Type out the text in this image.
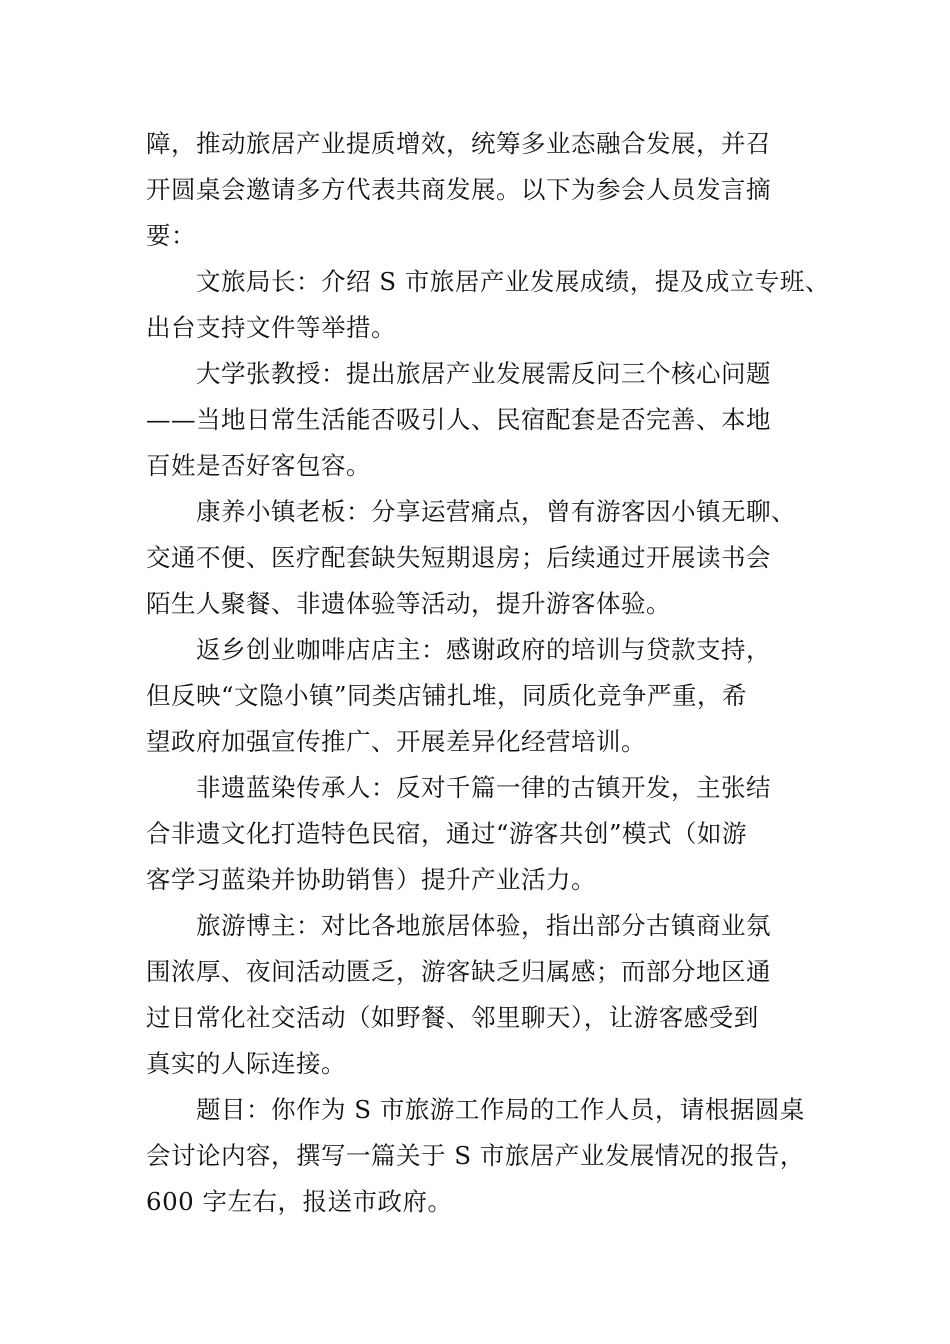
障，推动旅居产业提质增效，统筹多业态融合发展，并召
开圆桌会邀请多方代表共商发展。以下为参会人员发言摘
要：

文旅局长：介绍 S 市旅居产业发展成绩，提及成立专班、
出台支持文件等举措。

大学张教授：提出旅居产业发展需反问三个核心问题
——当地日常生活能否吸引人、民宿配套是否完善、本地
百姓是否好客包容。

康养小镇老板：分享运营痛点，曾有游客因小镇无聊、
交通不便、医疗配套缺失短期退房；后续通过开展读书会
陌生人聚餐、非遗体验等活动，提升游客体验。

返乡创业咖啡店店主：感谢政府的培训与贷款支持，
但反映“文隐小镇”同类店铺扎堆，同质化竞争严重，希
望政府加强宣传推广、开展差异化经营培训。

非遗蓝染传承人：反对千篇一律的古镇开发，主张结
合非遗文化打造特色民宿，通过“游客共创”模式（如游
客学习蓝染并协助销售）提升产业活力。

旅游博主：对比各地旅居体验，指出部分古镇商业氛
围浓厚、夜间活动匮乏，游客缺乏归属感；而部分地区通
过日常化社交活动（如野餐、邻里聊天），让游客感受到
真实的人际连接。

题目：你作为 S 市旅游工作局的工作人员，请根据圆桌
会讨论内容，撰写一篇关于 S 市旅居产业发展情况的报告，
600 字左右，报送市政府。
